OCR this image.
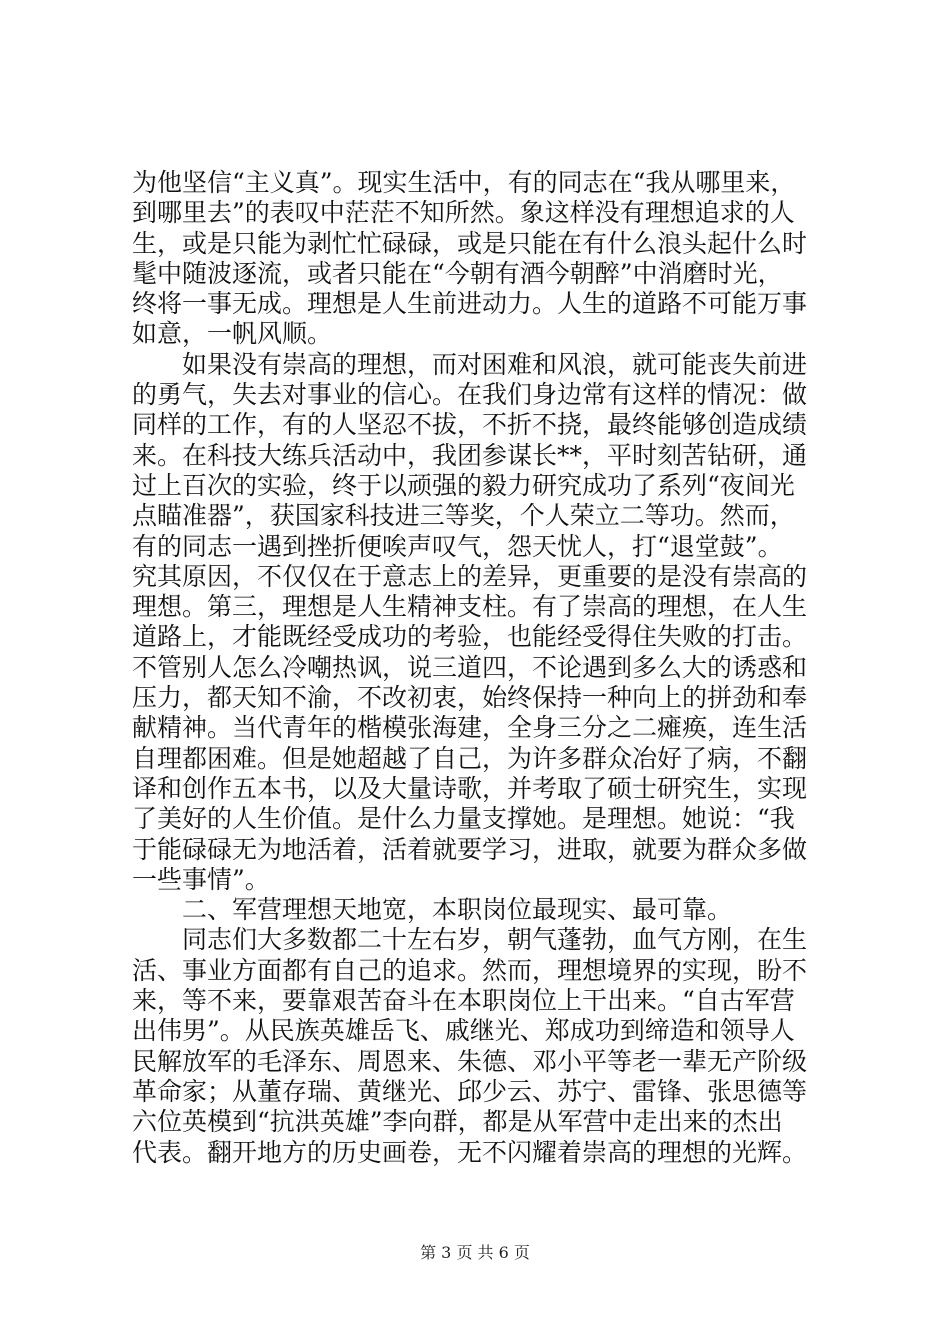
为他坚信“主义真”。现实生活中，有的同志在“我从哪里来，
到哪里去”的表叹中茫茫不知所然。象这样没有理想追求的人
生，或是只能为剥忙忙碌碌，或是只能在有什么浪头起什么时
髦中随波逐流，或者只能在“今朝有酒今朝醉”中消磨时光，
终将一事无成。理想是人生前进动力。人生的道路不可能万事
如意，一帆风顺。
　　如果没有崇高的理想，而对困难和风浪，就可能丧失前进
的勇气，失去对事业的信心。在我们身边常有这样的情况：做
同样的工作，有的人坚忍不拔，不折不挠，最终能够创造成绩
来。在科技大练兵活动中，我团参谋长**，平时刻苦钻研，通
过上百次的实验，终于以顽强的毅力研究成功了系列“夜间光
点瞄准器”，获国家科技进三等奖，个人荣立二等功。然而，
有的同志一遇到挫折便唉声叹气，怨天忧人，打“退堂鼓”。
究其原因，不仅仅在于意志上的差异，更重要的是没有崇高的
理想。第三，理想是人生精神支柱。有了崇高的理想，在人生
道路上，才能既经受成功的考验，也能经受得住失败的打击。
不管别人怎么冷嘲热讽，说三道四，不论遇到多么大的诱惑和
压力，都天知不渝，不改初衷，始终保持一种向上的拼劲和奉
献精神。当代青年的楷模张海建，全身三分之二瘫痪，连生活
自理都困难。但是她超越了自己，为许多群众冶好了病，不翻
译和创作五本书，以及大量诗歌，并考取了硕士研究生，实现
了美好的人生价值。是什么力量支撑她。是理想。她说：“我
于能碌碌无为地活着，活着就要学习，进取，就要为群众多做
一些事情”。
　　二、军营理想天地宽，本职岗位最现实、最可靠。
　　同志们大多数都二十左右岁，朝气蓬勃，血气方刚，在生
活、事业方面都有自己的追求。然而，理想境界的实现，盼不
来，等不来，要靠艰苦奋斗在本职岗位上干出来。“自古军营
出伟男”。从民族英雄岳飞、戚继光、郑成功到缔造和领导人
民解放军的毛泽东、周恩来、朱德、邓小平等老一辈无产阶级
革命家；从董存瑞、黄继光、邱少云、苏宁、雷锋、张思德等
六位英模到“抗洪英雄”李向群，都是从军营中走出来的杰出
代表。翻开地方的历史画卷，无不闪耀着崇高的理想的光辉。
第 3 页 共 6 页
